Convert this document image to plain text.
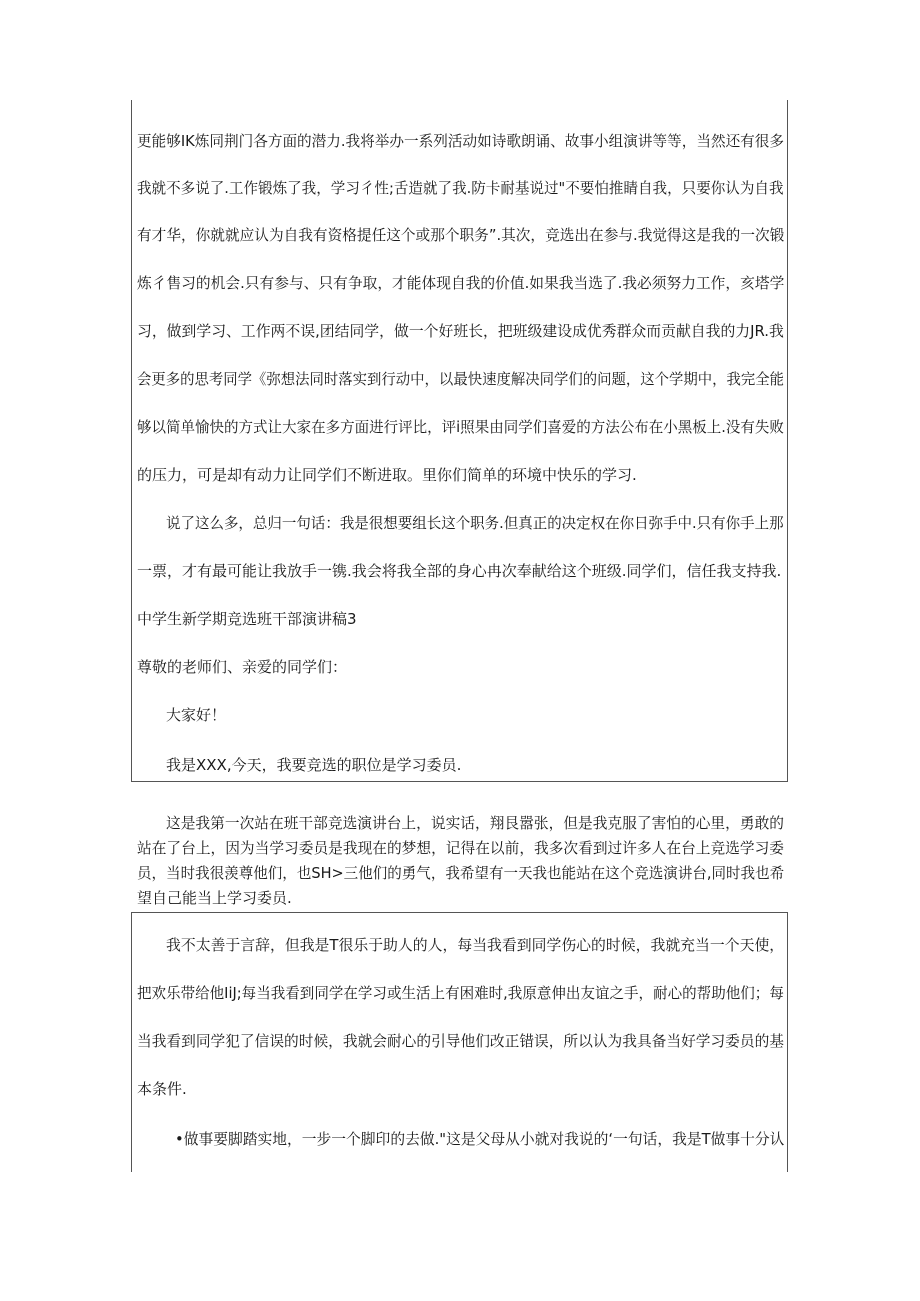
更能够IK炼同荆门各方面的潜力.我将举办一系列活动如诗歌朗诵、故事小组演讲等等，当然还有很多
我就不多说了.工作锻炼了我，学习彳性;舌造就了我.防卡耐基说过"不要怕推睛自我，只要你认为自我
有才华，你就就应认为自我有资格提任这个或那个职务”.其次，竞选出在参与.我觉得这是我的一次锻
炼彳售习的机会.只有参与、只有争取，才能体现自我的价值.如果我当选了.我必须努力工作，亥塔学
习，做到学习、工作两不误,团结同学，做一个好班长，把班级建设成优秀群众而贡献自我的力JR.我
会更多的思考同学《弥想法同时落实到行动中，以最快速度解决同学们的问题，这个学期中，我完全能
够以简单愉快的方式让大家在多方面进行评比，评i照果由同学们喜爱的方法公布在小黑板上.没有失败
的压力，可是却有动力让同学们不断进取。里你们简单的环境中快乐的学习.
说了这么多，总归一句话：我是很想要组长这个职务.但真正的决定权在你日弥手中.只有你手上那
一票，才有最可能让我放手一镌.我会将我全部的身心冉次奉献给这个班级.同学们，信任我支持我.
中学生新学期竞选班干部演讲稿3
尊敬的老师们、亲爱的同学们：
大家好！
我是XXX,今天，我要竞选的职位是学习委员.
这是我第一次站在班干部竞选演讲台上，说实话，翔艮嚣张，但是我克服了害怕的心里，勇敢的
站在了台上，因为当学习委员是我现在的梦想，记得在以前，我多次看到过许多人在台上竞选学习委
员，当时我很羡尊他们，也SH>三他们的勇气，我希望有一天我也能站在这个竞选演讲台,同时我也希
望自己能当上学习委员.
我不太善于言辞，但我是T很乐于助人的人，每当我看到同学伤心的时候，我就充当一个天使，
把欢乐带给他IiJ;每当我看到同学在学习或生活上有困难时,我原意伸出友谊之手，耐心的帮助他们；每
当我看到同学犯了信误的时候，我就会耐心的引导他们改正错误，所以认为我具备当好学习委员的基
本条件.
•做事要脚踏实地，一步一个脚印的去做."这是父母从小就对我说的‘一句话，我是T做事十分认
